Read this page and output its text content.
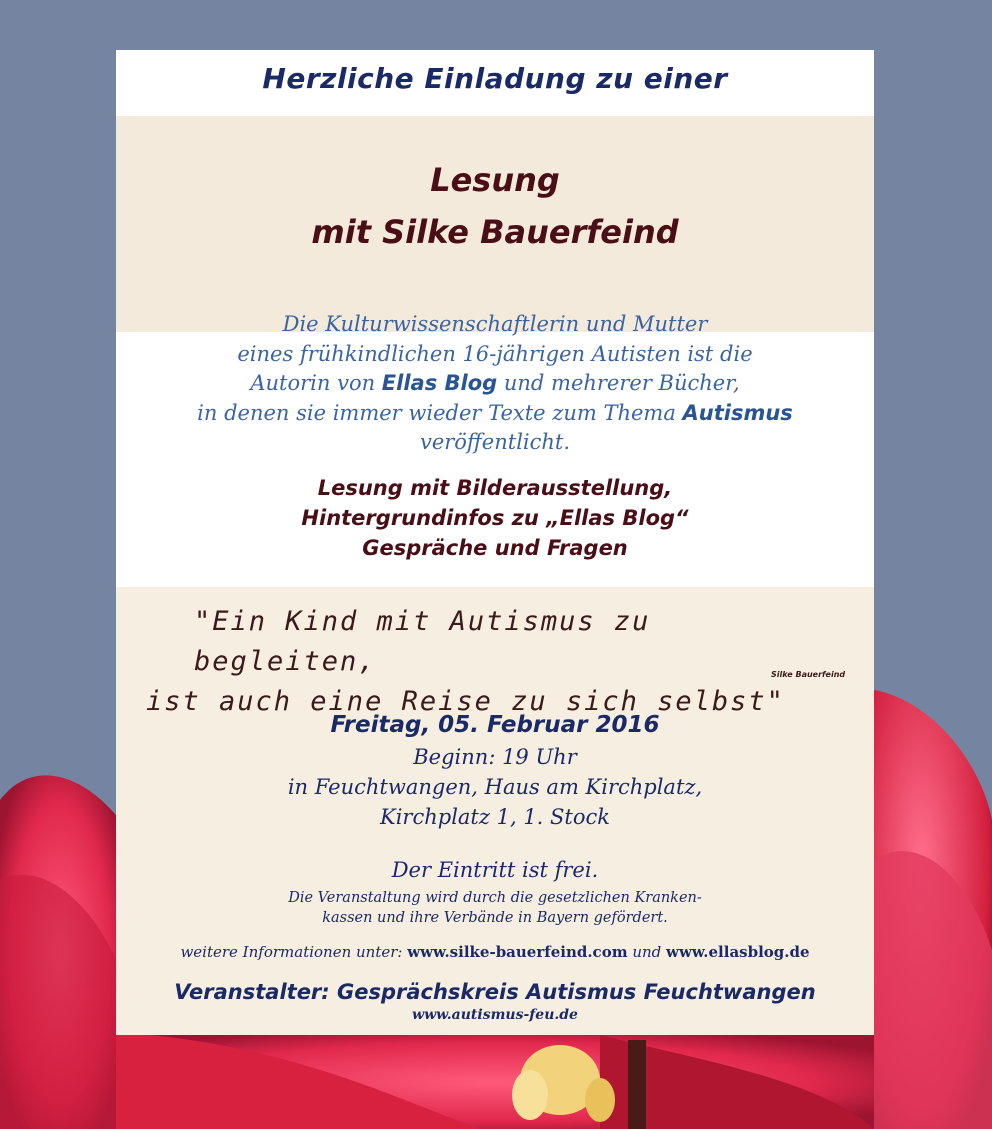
Herzliche Einladung zu einer
Lesung
mit Silke Bauerfeind
Die Kulturwissenschaftlerin und Mutter
eines frühkindlichen 16-jährigen Autisten ist die
Autorin von Ellas Blog und mehrerer Bücher,
in denen sie immer wieder Texte zum Thema Autismus
veröffentlicht.
Lesung mit Bilderausstellung,
Hintergrundinfos zu „Ellas Blog“
Gespräche und Fragen
"Ein Kind mit Autismus zu begleiten,
ist auch eine Reise zu sich selbst"
Silke Bauerfeind
Freitag, 05. Februar 2016
Beginn: 19 Uhr
in Feuchtwangen, Haus am Kirchplatz,
Kirchplatz 1, 1. Stock
Der Eintritt ist frei.
Die Veranstaltung wird durch die gesetzlichen Kranken-
kassen und ihre Verbände in Bayern gefördert.
weitere Informationen unter: www.silke-bauerfeind.com und www.ellasblog.de
Veranstalter: Gesprächskreis Autismus Feuchtwangen
www.autismus-feu.de
